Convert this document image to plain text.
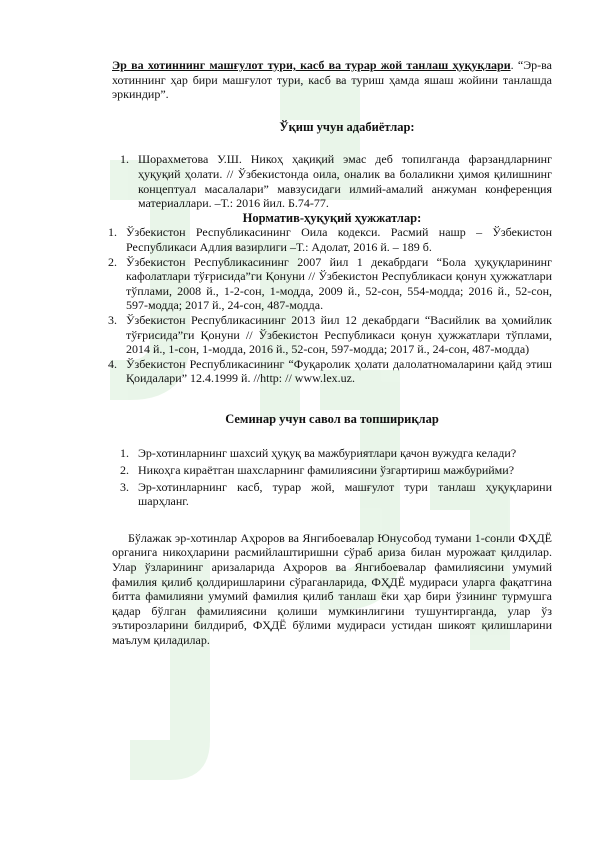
Эр ва хотиннинг машғулот тури, касб ва турар жой танлаш ҳуқуқлари. “Эр-ва хотиннинг ҳар бири машғулот тури, касб ва туриш ҳамда яшаш жойини танлашда эркиндир”.

Ўқиш учун адабиётлар:

1. Шорахметова У.Ш. Никоҳ ҳақиқий эмас деб топилганда фарзандларнинг ҳуқуқий ҳолати. // Ўзбекистонда оила, оналик ва болаликни ҳимоя қилишнинг концептуал масалалари” мавзусидаги илмий-амалий анжуман конференция материаллари. –Т.: 2016 йил. Б.74-77.

Норматив-ҳуқуқий ҳужжатлар:

1. Ўзбекистон Республикасининг Оила кодекси. Расмий нашр – Ўзбекистон Республикаси Адлия вазирлиги –Т.: Адолат, 2016 й. – 189 б.
2. Ўзбекистон Республикасининг 2007 йил 1 декабрдаги “Бола ҳуқуқларининг кафолатлари тўғрисида”ги Қонуни // Ўзбекистон Республикаси қонун ҳужжатлари тўплами, 2008 й., 1-2-сон, 1-модда, 2009 й., 52-сон, 554-модда; 2016 й., 52-сон, 597-модда; 2017 й., 24-сон, 487-модда.
3. Ўзбекистон Республикасининг 2013 йил 12 декабрдаги “Васийлик ва ҳомийлик тўғрисида”ги Қонуни // Ўзбекистон Республикаси қонун ҳужжатлари тўплами, 2014 й., 1-сон, 1-модда, 2016 й., 52-сон, 597-модда; 2017 й., 24-сон, 487-модда)
4. Ўзбекистон Республикасининг “Фуқаролик ҳолати далолатномаларини қайд этиш Қоидалари” 12.4.1999 й. //http: // www.lex.uz.

Семинар учун савол ва топшириқлар

1. Эр-хотинларнинг шахсий ҳуқуқ ва мажбуриятлари қачон вужудга келади?
2. Никоҳга кираётган шахсларнинг фамилиясини ўзгартириш мажбурийми?
3. Эр-хотинларнинг касб, турар жой, машғулот тури танлаш ҳуқуқларини шарҳланг.

Бўлажак эр-хотинлар Аҳроров ва Янгибоевалар Юнусобод тумани 1-сонли ФҲДЁ органига никоҳларини расмийлаштиришни сўраб ариза билан мурожаат қилдилар. Улар ўзларининг аризаларида Аҳроров ва Янгибоевалар фамилиясини умумий фамилия қилиб қолдиришларини сўраганларида, ФҲДЁ мудираси уларга фақатгина битта фамилияни умумий фамилия қилиб танлаш ёки ҳар бири ўзининг турмушга қадар бўлган фамилиясини қолиши мумкинлигини тушунтирганда, улар ўз эътирозларини билдириб, ФҲДЁ бўлими мудираси устидан шикоят қилишларини маълум қиладилар.
